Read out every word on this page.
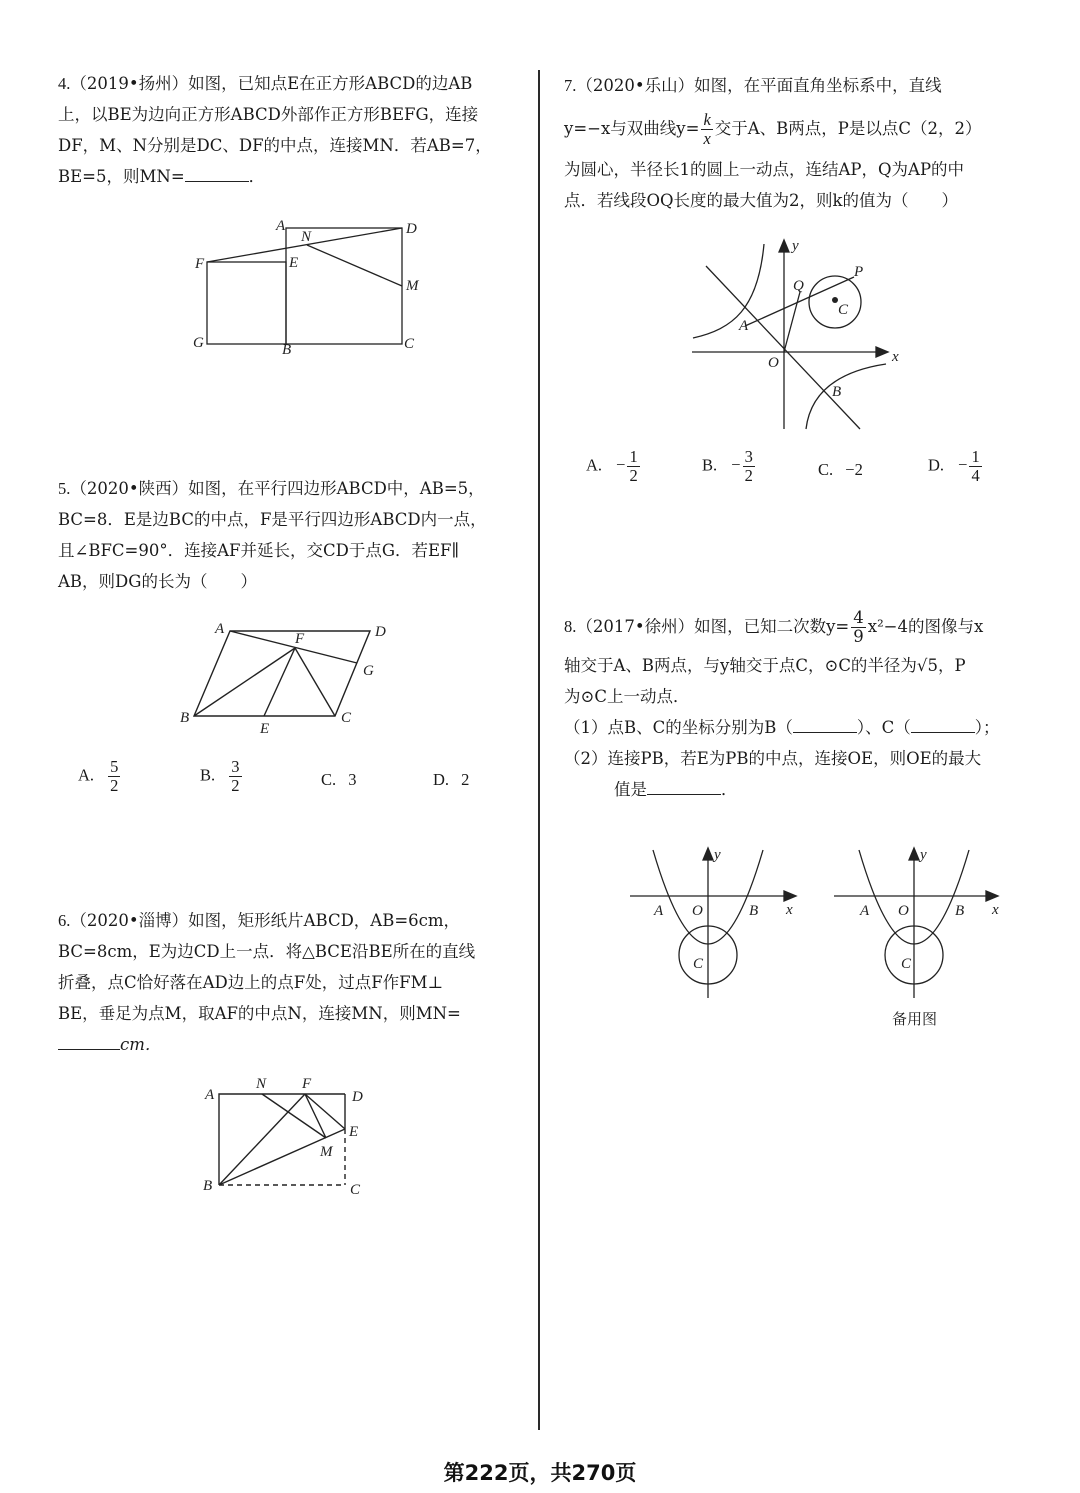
4.（2019•扬州）如图，已知点E在正方形ABCD的边AB

上，以BE为边向正方形ABCD外部作正方形BEFG，连接

DF，M、N分别是DC、DF的中点，连接MN．若AB=7，

BE=5，则MN=	．

A
N	D
F	E
M
G	B	C

5.（2020•陕西）如图，在平行四边形ABCD中，AB=5，

BC=8．E是边BC的中点，F是平行四边形ABCD内一点，

且∠BFC=90°．连接AF并延长，交CD于点G．若EF∥

AB，则DG的长为（　　）

A
F	D
G
B
E
C
A. $\frac{5}{2}$	B. $\frac{3}{2}$	C. 3	D. 2

6.（2020•淄博）如图，矩形纸片ABCD，AB=6cm，

BC=8cm，E为边CD上一点．将△BCE沿BE所在的直线

折叠，点C恰好落在AD边上的点F处，过点F作FM⊥

BE，垂足为点M，取AF的中点N，连接MN，则MN=

cm．

A
N F
D
E
M
B	C

7.（2020•乐山）如图，在平面直角坐标系中，直线

y=−x与双曲线$y= \frac{k}{x}$ 交于A、B两点，P是以点C（2，2）

为圆心，半径长1的圆上一动点，连结AP，Q为AP的中

点．若线段OQ长度的最大值为2，则k的值为（　　）

y
P
Q
C
A
O	x
B
A. − $\frac{1}{2}$	B. − $\frac{3}{2}$	C. −2	D. − $\frac{1}{4}$

8.（2017•徐州）如图，已知二次数$y= \frac{4}{9} x^2-4$的图像与x

轴交于A、B两点，与y轴交于点C，⊙C的半径为√5，P

为⊙C上一动点．

（1）点B、C的坐标分别为B（	）、C（	）；

（2）连接PB，若E为PB的中点，连接OE，则OE的最大

值是	．

y
A O	B x
C
y
A O	B x
C
备用图
第222页，共270页
